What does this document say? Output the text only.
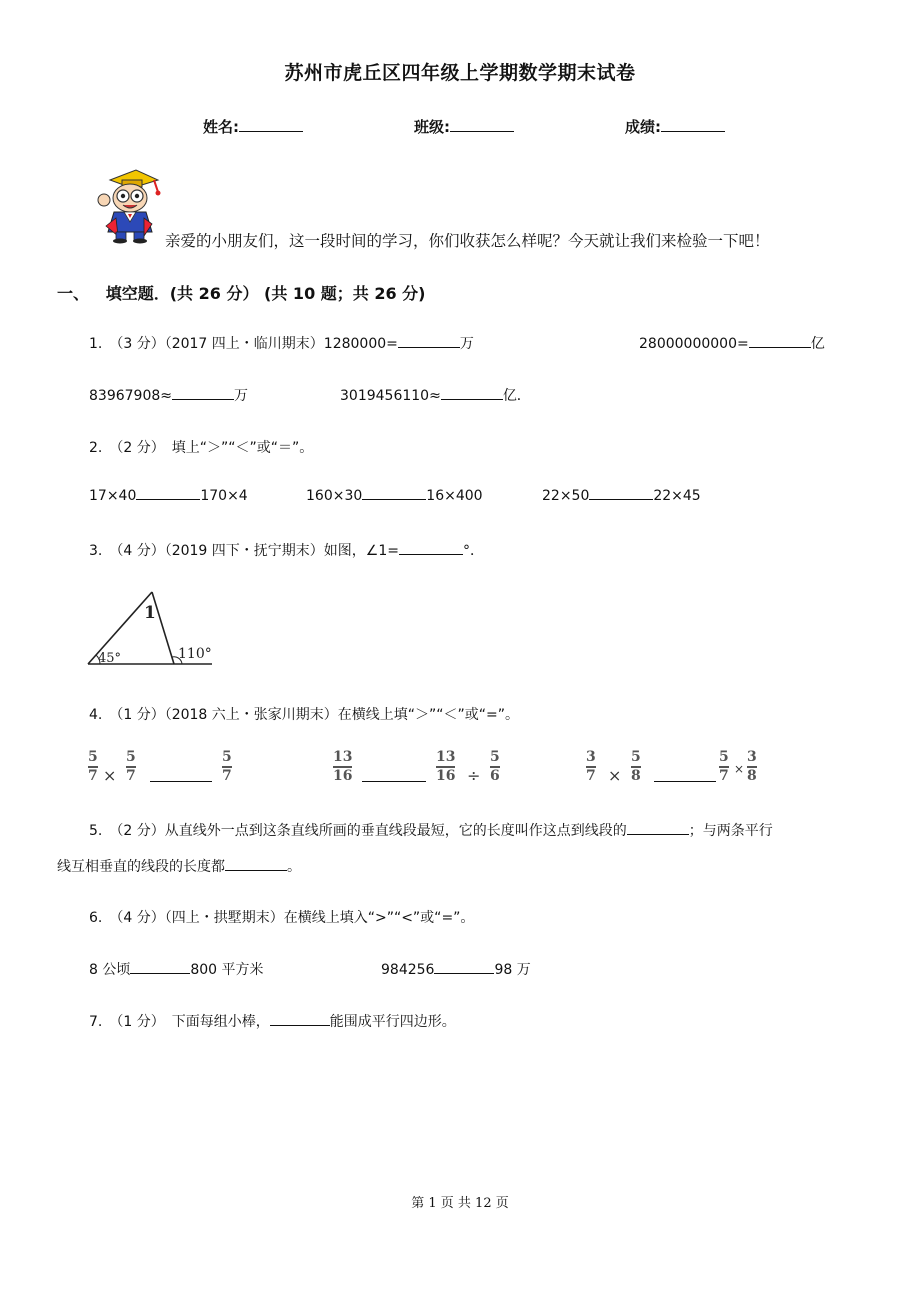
苏州市虎丘区四年级上学期数学期末试卷
姓名:	班级:	成绩:
亲爱的小朋友们，这一段时间的学习，你们收获怎么样呢？今天就让我们来检验一下吧！
一、 填空题．(共 26 分） (共 10 题；共 26 分)
1.　（3 分）（2017 四上・临川期末）1280000=	万	28000000000=	亿
83967908≈	万	3019456110≈	亿．
2.　（2 分）　填上“＞”“＜”或“＝”。
17×40	170×4	160×30	16×400	22×50	22×45
3.　（4 分）（2019 四下・抚宁期末）如图，∠1=	°．
1
45°	110°
4.　（1 分）（2018 六上・张家川期末）在横线上填“＞”“＜”或“=”。
5
7 ×
5
7
5
7
13
16
13
16 ÷
5
6
3
7 ×
5
8
5
7 ×
3
8
5.　（2 分）从直线外一点到这条直线所画的垂直线段最短，它的长度叫作这点到线段的	；与两条平行
线互相垂直的线段的长度都	。
6.　（4 分）（四上・拱墅期末）在横线上填入“>”“<”或“=”。
8 公顷	800 平方米	984256	98 万
7.　（1 分）　下面每组小棒，	能围成平行四边形。
第 1 页 共 12 页
